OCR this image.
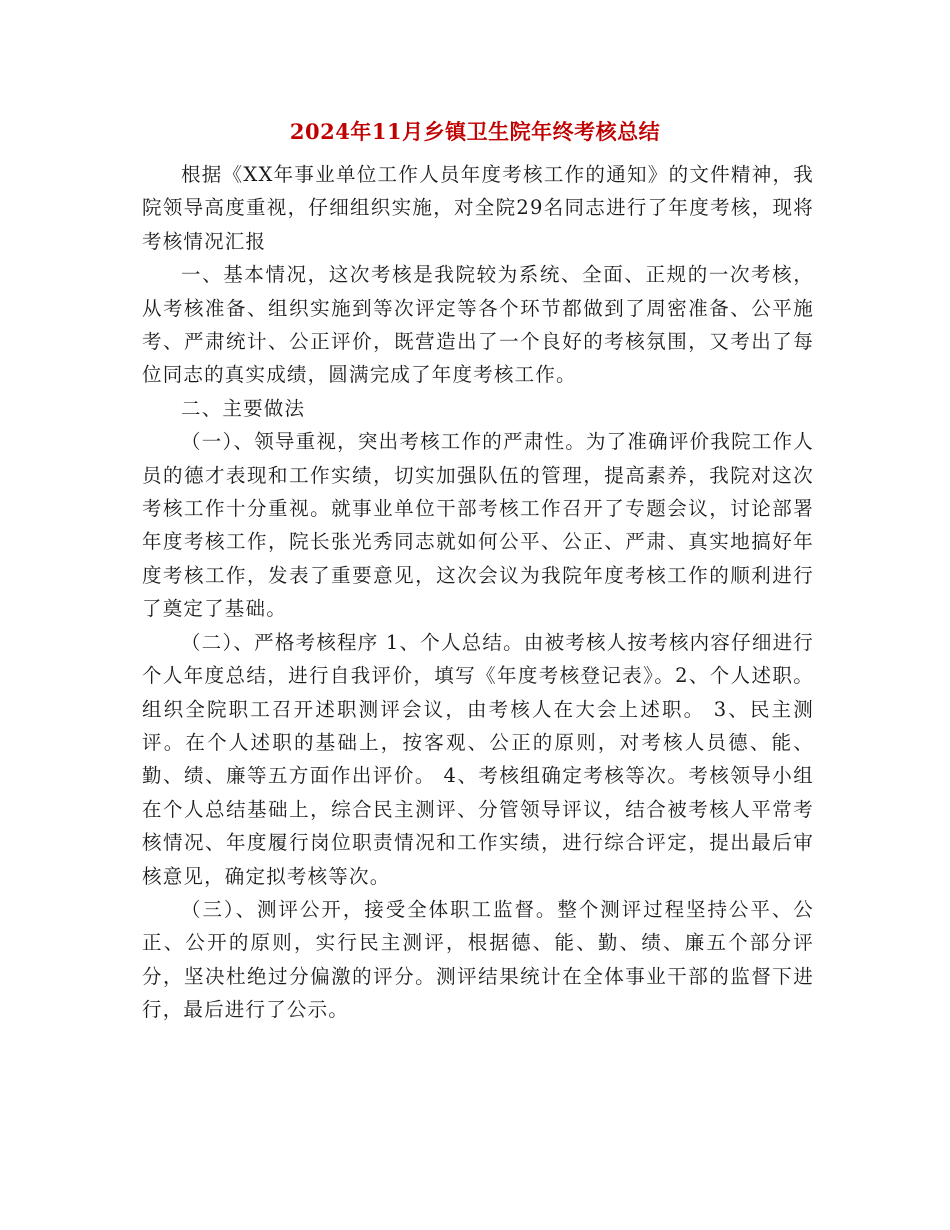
2024年11月乡镇卫生院年终考核总结

根据《XX年事业单位工作人员年度考核工作的通知》的文件精神，我院领导高度重视，仔细组织实施，对全院29名同志进行了年度考核，现将考核情况汇报

一、基本情况，这次考核是我院较为系统、全面、正规的一次考核，从考核准备、组织实施到等次评定等各个环节都做到了周密准备、公平施考、严肃统计、公正评价，既营造出了一个良好的考核氛围，又考出了每位同志的真实成绩，圆满完成了年度考核工作。

二、主要做法

（一）、领导重视，突出考核工作的严肃性。为了准确评价我院工作人员的德才表现和工作实绩，切实加强队伍的管理，提高素养，我院对这次考核工作十分重视。就事业单位干部考核工作召开了专题会议，讨论部署年度考核工作，院长张光秀同志就如何公平、公正、严肃、真实地搞好年度考核工作，发表了重要意见，这次会议为我院年度考核工作的顺利进行了奠定了基础。

（二）、严格考核程序 1、个人总结。由被考核人按考核内容仔细进行个人年度总结，进行自我评价，填写《年度考核登记表》。2、个人述职。组织全院职工召开述职测评会议，由考核人在大会上述职。 3、民主测评。在个人述职的基础上，按客观、公正的原则，对考核人员德、能、勤、绩、廉等五方面作出评价。 4、考核组确定考核等次。考核领导小组在个人总结基础上，综合民主测评、分管领导评议，结合被考核人平常考核情况、年度履行岗位职责情况和工作实绩，进行综合评定，提出最后审核意见，确定拟考核等次。

（三）、测评公开，接受全体职工监督。整个测评过程坚持公平、公正、公开的原则，实行民主测评，根据德、能、勤、绩、廉五个部分评分，坚决杜绝过分偏激的评分。测评结果统计在全体事业干部的监督下进行，最后进行了公示。
